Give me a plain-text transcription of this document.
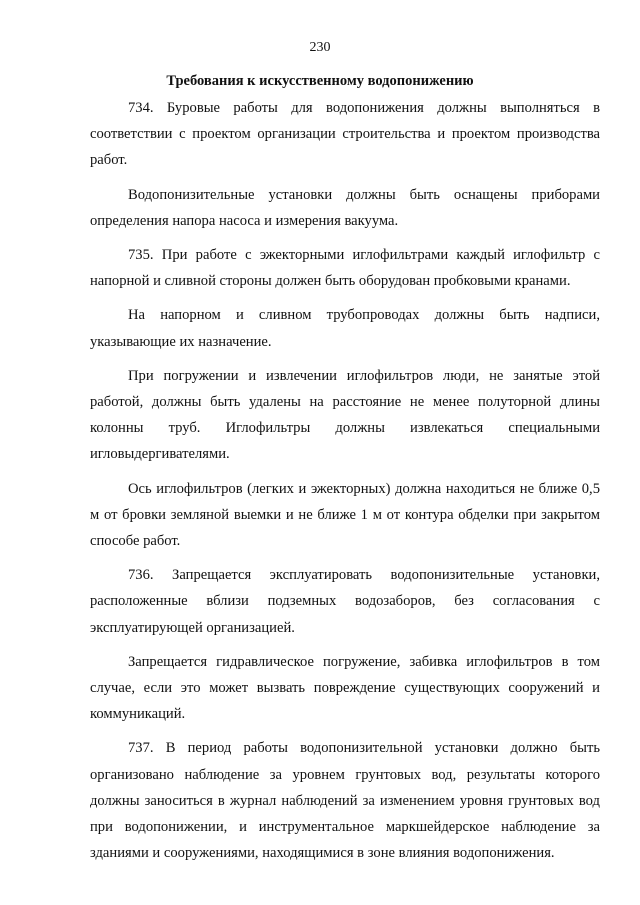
230
Требования к искусственному водопонижению

734. Буровые работы для водопонижения должны выполняться в соответствии с проектом организации строительства и проектом производства работ.

Водопонизительные установки должны быть оснащены приборами определения напора насоса и измерения вакуума.

735. При работе с эжекторными иглофильтрами каждый иглофильтр с напорной и сливной стороны должен быть оборудован пробковыми кранами.

На напорном и сливном трубопроводах должны быть надписи, указывающие их назначение.

При погружении и извлечении иглофильтров люди, не занятые этой работой, должны быть удалены на расстояние не менее полуторной длины колонны труб. Иглофильтры должны извлекаться специальными игловыдергивателями.

Ось иглофильтров (легких и эжекторных) должна находиться не ближе 0,5 м от бровки земляной выемки и не ближе 1 м от контура обделки при закрытом способе работ.

736. Запрещается эксплуатировать водопонизительные установки, расположенные вблизи подземных водозаборов, без согласования с эксплуатирующей организацией.

Запрещается гидравлическое погружение, забивка иглофильтров в том случае, если это может вызвать повреждение существующих сооружений и коммуникаций.

737. В период работы водопонизительной установки должно быть организовано наблюдение за уровнем грунтовых вод, результаты которого должны заноситься в журнал наблюдений за изменением уровня грунтовых вод при водопонижении, и инструментальное маркшейдерское наблюдение за зданиями и сооружениями, находящимися в зоне влияния водопонижения.
